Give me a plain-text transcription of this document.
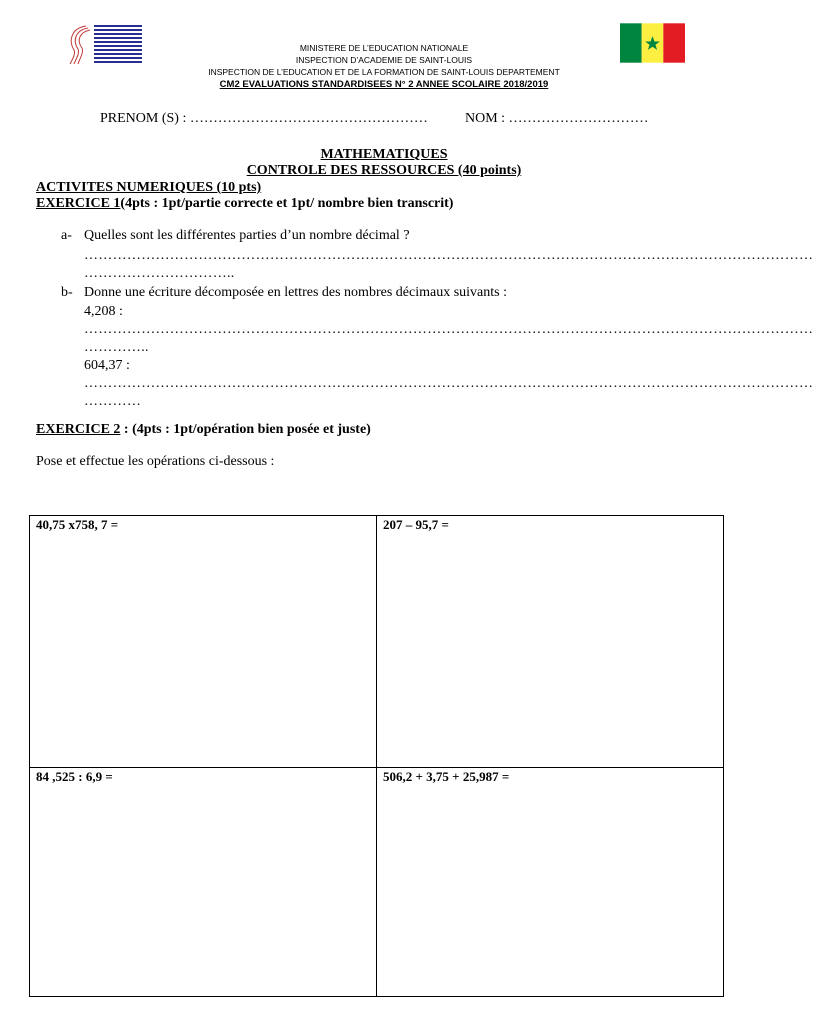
MINISTERE DE L’EDUCATION NATIONALE
INSPECTION D’ACADEMIE DE SAINT-LOUIS
INSPECTION DE L’EDUCATION ET DE LA FORMATION DE SAINT-LOUIS DEPARTEMENT
CM2 EVALUATIONS STANDARDISEES N° 2 ANNEE SCOLAIRE 2018/2019
PRENOM (S) : ……………………………………………	NOM : …………………………
MATHEMATIQUES
CONTROLE DES RESSOURCES (40 points)
ACTIVITES NUMERIQUES (10 pts)
EXERCICE 1(4pts : 1pt/partie correcte et 1pt/ nombre bien transcrit)
a- Quelles sont les différentes parties d’un nombre décimal ?
………………………………………………………………………………………………………………………………………
…………………………..
b- Donne une écriture décomposée en lettres des nombres décimaux suivants :
4,208 :
………………………………………………………………………………………………………………………………………
…………..
604,37 :
………………………………………………………………………………………………………………………………………
…………
EXERCICE 2 : (4pts : 1pt/opération bien posée et juste)
Pose et effectue les opérations ci-dessous :
40,75 x758, 7 =	207 – 95,7 =
84 ,525 : 6,9 =	506,2 + 3,75 + 25,987 =
